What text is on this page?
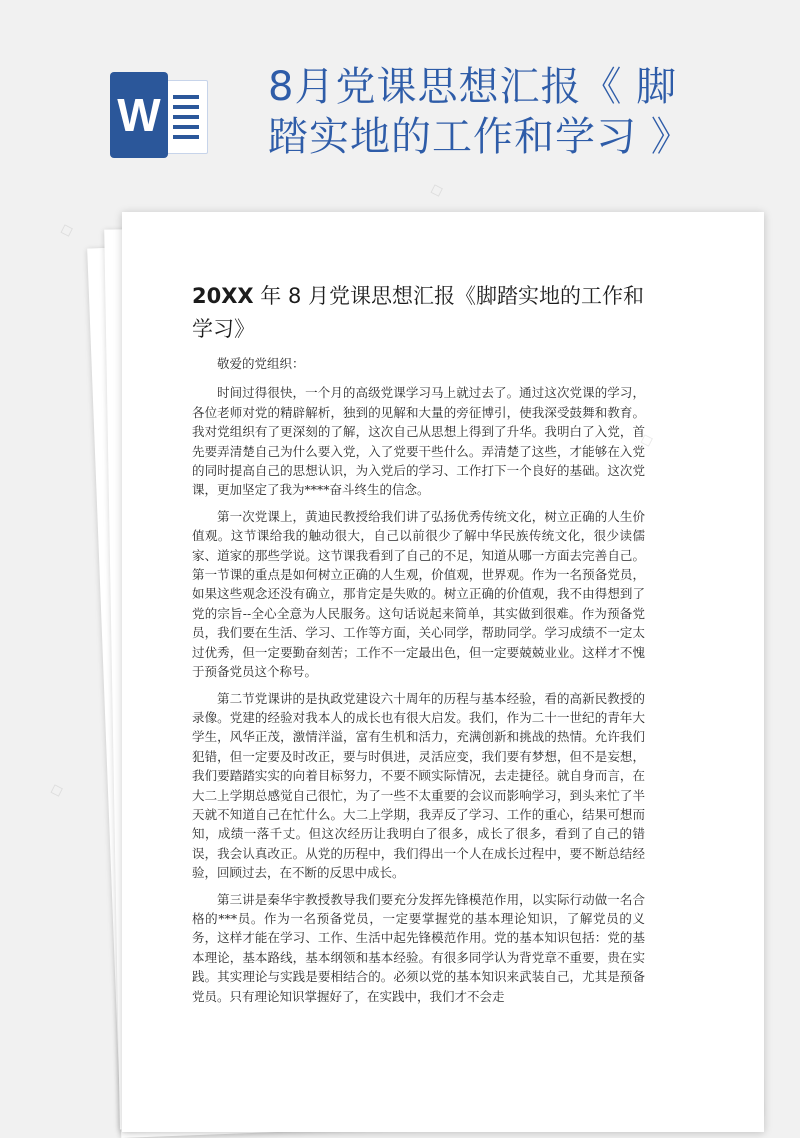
W
8月党课思想汇报《 脚踏实地的工作和学习 》
20XX 年 8 月党课思想汇报《脚踏实地的工作和学习》

敬爱的党组织：

时间过得很快，一个月的高级党课学习马上就过去了。通过这次党课的学习，各位老师对党的精辟解析，独到的见解和大量的旁征博引，使我深受鼓舞和教育。我对党组织有了更深刻的了解，这次自己从思想上得到了升华。我明白了入党，首先要弄清楚自己为什么要入党，入了党要干些什么。弄清楚了这些，才能够在入党的同时提高自己的思想认识，为入党后的学习、工作打下一个良好的基础。这次党课，更加坚定了我为****奋斗终生的信念。

第一次党课上，黄迪民教授给我们讲了弘扬优秀传统文化，树立正确的人生价值观。这节课给我的触动很大，自己以前很少了解中华民族传统文化，很少读儒家、道家的那些学说。这节课我看到了自己的不足，知道从哪一方面去完善自己。第一节课的重点是如何树立正确的人生观，价值观，世界观。作为一名预备党员，如果这些观念还没有确立，那肯定是失败的。树立正确的价值观，我不由得想到了党的宗旨--全心全意为人民服务。这句话说起来简单，其实做到很难。作为预备党员，我们要在生活、学习、工作等方面，关心同学，帮助同学。学习成绩不一定太过优秀，但一定要勤奋刻苦；工作不一定最出色，但一定要兢兢业业。这样才不愧于预备党员这个称号。

第二节党课讲的是执政党建设六十周年的历程与基本经验，看的高新民教授的录像。党建的经验对我本人的成长也有很大启发。我们，作为二十一世纪的青年大学生，风华正茂，激情洋溢，富有生机和活力，充满创新和挑战的热情。允许我们犯错，但一定要及时改正，要与时俱进，灵活应变，我们要有梦想，但不是妄想，我们要踏踏实实的向着目标努力，不要不顾实际情况，去走捷径。就自身而言，在大二上学期总感觉自己很忙，为了一些不太重要的会议而影响学习，到头来忙了半天就不知道自己在忙什么。大二上学期，我弄反了学习、工作的重心，结果可想而知，成绩一落千丈。但这次经历让我明白了很多，成长了很多，看到了自己的错误，我会认真改正。从党的历程中，我们得出一个人在成长过程中，要不断总结经验，回顾过去，在不断的反思中成长。

第三讲是秦华宇教授教导我们要充分发挥先锋模范作用，以实际行动做一名合格的***员。作为一名预备党员，一定要掌握党的基本理论知识，了解党员的义务，这样才能在学习、工作、生活中起先锋模范作用。党的基本知识包括：党的基本理论，基本路线，基本纲领和基本经验。有很多同学认为背党章不重要，贵在实践。其实理论与实践是要相结合的。必须以党的基本知识来武装自己，尤其是预备党员。只有理论知识掌握好了，在实践中，我们才不会走

◇
◇
◇
◇
